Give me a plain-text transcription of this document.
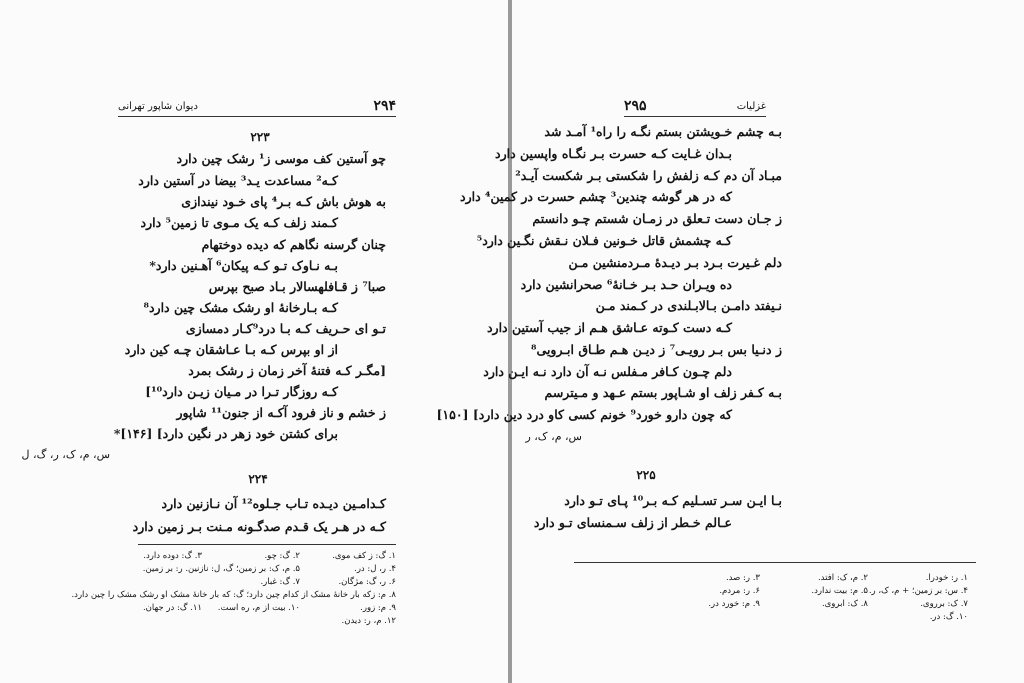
۲۹۴
دیوان شاپور تهرانی
۲۲۳
چو آستین کف موسی ز¹ رشک چین دارد
کـه² مساعدت یـد³ بیضا در آستین دارد
به هوش باش کـه بـر⁴ پای خـود نیندازی
کـمند زلف کـه یک مـوی تا زمین⁵ دارد
چنان گرسنه نگاهم که دیده دوختهام
بـه نـاوک تـو کـه پیکان⁶ آهـنین دارد*
صبا⁷ ز قـافلهسالار بـاد صبح بپرس
کـه بـارخانهٔ او رشک مشک چین دارد⁸
تـو ای حـریف کـه بـا درد⁹کـار دمسازی
از او بپرس کـه بـا عـاشقان چـه کین دارد
[مگـر کـه فتنهٔ آخر زمان ز رشک بمرد
کـه روزگار تـرا در مـیان زیـن دارد¹⁰]
ز خشم و ناز فرود آکـه از جنون¹¹ شاپور
برای کشتن خود زهر در نگین دارد] [۱۴۶]*
س، م، ک، ر، گ، ل
۲۲۴
کـدامـین دیـده تـاب جـلوه¹² آن نـازنین دارد
کـه در هـر یک قـدم صدگـونه مـنت بـر زمین دارد
۱. گ: ز کف موی.
۲. گ: چو.
۳. گ: دوده دارد.
۴. ر، ل: در.
۵. م، ک: بر زمین؛ گ، ل: نازنین. ر: بر زمین.
۶. ر، گ: مژگان.
۷. گ: غبار.
۸. م: زکه بار خانهٔ مشک از کدام چین دارد؛ گ: که بار خانهٔ مشک او رشک مشک را چین دارد.
۹. م: زور.
۱۰. بیت از م، ره است.
۱۱. گ: در جهان.
۱۲. م، ر: دیدن.
۲۹۵	غزلیات
بـه چشم خـویشتن بستم نگـه را راه¹ آمـد شد
بـدان غـایت کـه حسرت بـر نگـاه واپسین دارد
مبـاد آن دم کـه زلفش را شکستی بـر شکست آیـد²
که در هر گوشه چندین³ چشم حسرت در کمین⁴ دارد
ز جـان دست تـعلق در زمـان شستم چـو دانستم
کـه چشمش قاتل خـونین فـلان نـقش نگـین دارد⁵
دلم غـیرت بـرد بـر دیـدهٔ مـردمنشین مـن
ده ویـران حـد بـر خـانهٔ⁶ صحرانشین دارد
نـیفتد دامـن بـالابـلندی در کـمند مـن
کـه دست کـوته عـاشق هـم از جیب آستین دارد
ز دنـیا بس بـر رویـی⁷ ز دیـن هـم طـاق ابـرویی⁸
دلم چـون کـافر مـفلس نـه آن دارد نـه ایـن دارد
بـه کـفر زلف او شـاپور بستم عـهد و مـیترسم
که چون دارو خورد⁹ خونم کسی کاو درد دین دارد] [۱۵۰]
س، م، ک، ر
۲۲۵
بـا ایـن سـر تسـلیم کـه بـر¹⁰ پـای تـو دارد
عـالم خـطر از زلف سـمنسای تـو دارد
۱. ر: خودرا.
۲. م، ک: افتد.
۳. ر: صد.
۴. س: بر زمین؛ + م، ک، ر.
۵. م: بیت ندارد.
۶. ر: مردم.
۷. ک: برروی.
۸. ک: ابروی.
۹. م: خورد در.
۱۰. گ: در.
